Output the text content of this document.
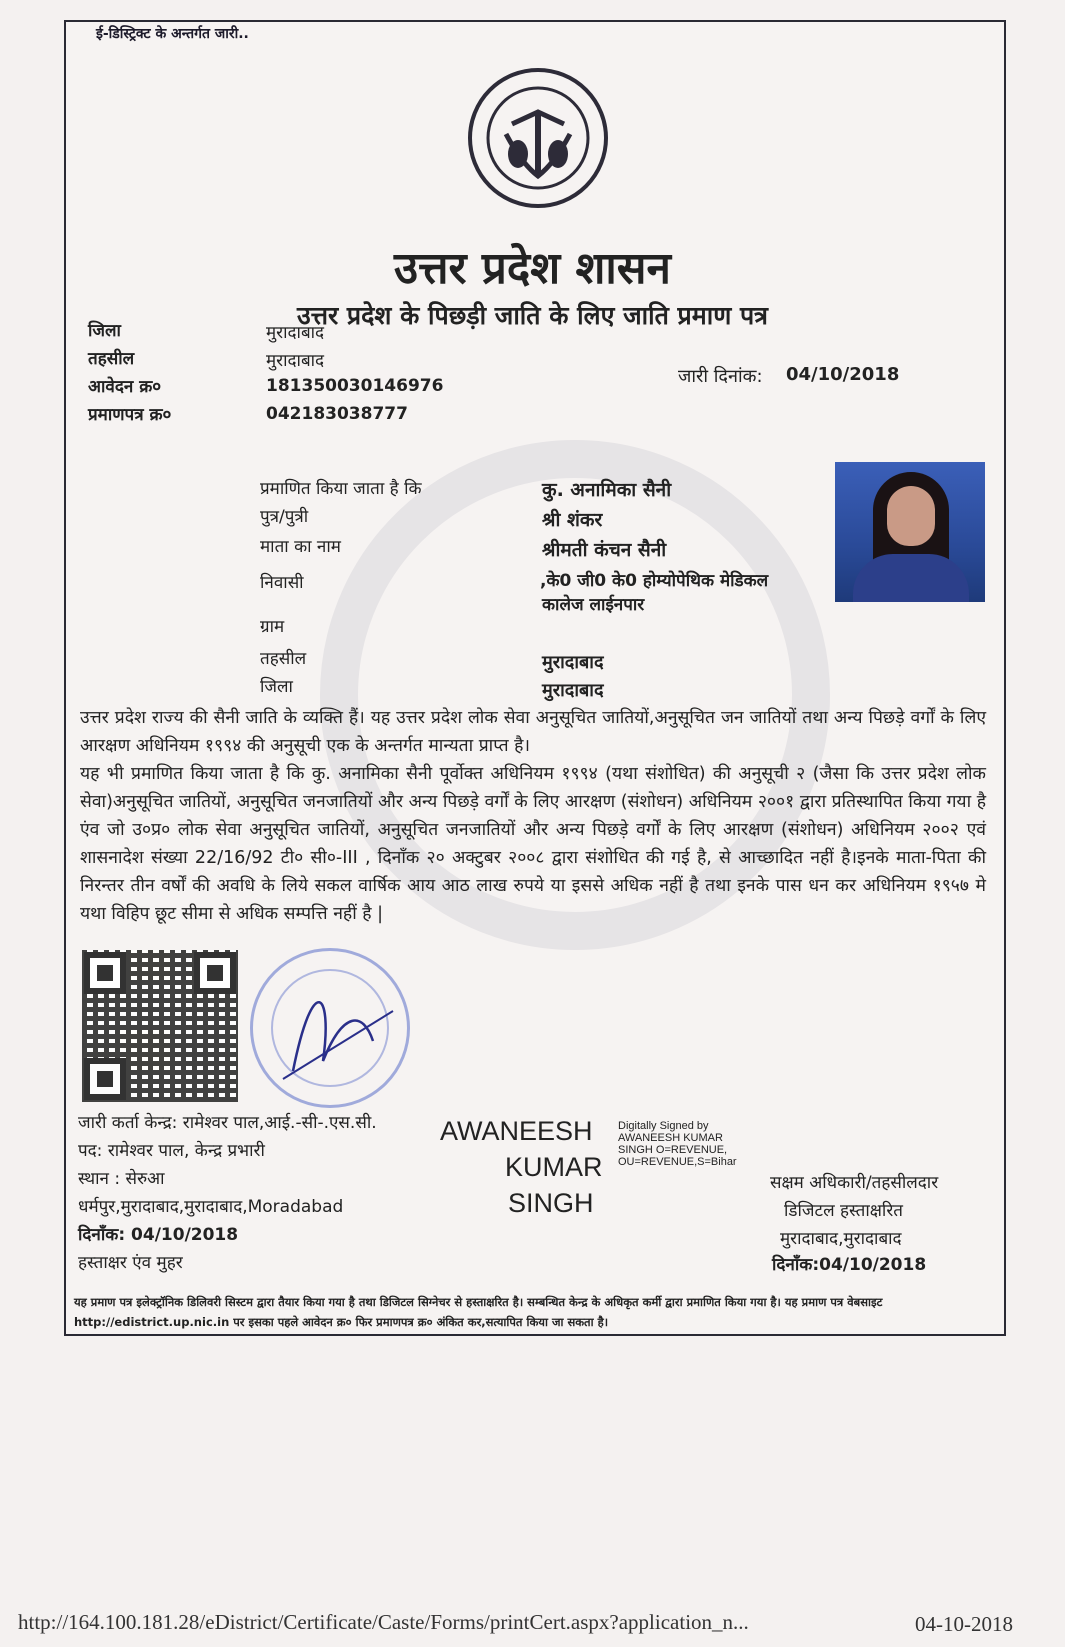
ई-डिस्ट्रिक्ट के अन्तर्गत जारी..
उत्तर प्रदेश शासन
उत्तर प्रदेश के पिछड़ी जाति के लिए जाति प्रमाण पत्र
जिला	मुरादाबाद
तहसील	मुरादाबाद
आवेदन क्र०	181350030146976
प्रमाणपत्र क्र०	042183038777
जारी दिनांक: 04/10/2018
प्रमाणित किया जाता है कि	कु. अनामिका सैनी
पुत्र/पुत्री	श्री शंकर
माता का नाम	श्रीमती कंचन सैनी
निवासी	,के0 जी0 के0 होम्योपेथिक मेडिकल
कालेज लाईनपार
ग्राम
तहसील	मुरादाबाद
जिला	मुरादाबाद
उत्तर प्रदेश राज्य की सैनी जाति के व्यक्ति हैं। यह उत्तर प्रदेश लोक सेवा अनुसूचित जातियों,अनुसूचित जन जातियों तथा अन्य पिछड़े वर्गों के लिए आरक्षण अधिनियम १९९४ की अनुसूची एक के अन्तर्गत मान्यता प्राप्त है।
यह भी प्रमाणित किया जाता है कि कु. अनामिका सैनी पूर्वोक्त अधिनियम १९९४ (यथा संशोधित) की अनुसूची २ (जैसा कि उत्तर प्रदेश लोक सेवा)अनुसूचित जातियों, अनुसूचित जनजातियों और अन्य पिछड़े वर्गों के लिए आरक्षण (संशोधन) अधिनियम २००१ द्वारा प्रतिस्थापित किया गया है एंव जो उ०प्र० लोक सेवा अनुसूचित जातियों, अनुसूचित जनजातियों और अन्य पिछड़े वर्गों के लिए आरक्षण (संशोधन) अधिनियम २००२ एवं शासनादेश संख्या 22/16/92 टी० सी०-III , दिनाँक २० अक्टुबर २००८ द्वारा संशोधित की गई है, से आच्छादित नहीं है।इनके माता-पिता की निरन्तर तीन वर्षों की अवधि के लिये सकल वार्षिक आय आठ लाख रुपये या इससे अधिक नहीं है तथा इनके पास धन कर अधिनियम १९५७ मे यथा विहिप छूट सीमा से अधिक सम्पत्ति नहीं है |
जारी कर्ता केन्द्र: रामेश्वर पाल,आई.-सी-.एस.सी.
पद: रामेश्वर पाल, केन्द्र प्रभारी
स्थान : सेरुआ
धर्मपुर,मुरादाबाद,मुरादाबाद,Moradabad
दिनाँक: 04/10/2018
हस्ताक्षर एंव मुहर
AWANEESH
KUMAR
SINGH
Digitally Signed by AWANEESH KUMAR SINGH O=REVENUE, OU=REVENUE,S=Bihar
सक्षम अधिकारी/तहसीलदार
डिजिटल हस्ताक्षरित
मुरादाबाद,मुरादाबाद
दिनाँक:04/10/2018
यह प्रमाण पत्र इलेक्ट्रॉनिक डिलिवरी सिस्टम द्वारा तैयार किया गया है तथा डिजिटल सिग्नेचर से हस्ताक्षरित है। सम्बन्धित केन्द्र के अधिकृत कर्मी द्वारा प्रमाणित किया गया है। यह प्रमाण पत्र वेबसाइट http://edistrict.up.nic.in पर इसका पहले आवेदन क्र० फिर प्रमाणपत्र क्र० अंकित कर,सत्यापित किया जा सकता है।
http://164.100.181.28/eDistrict/Certificate/Caste/Forms/printCert.aspx?application_n...	04-10-2018
